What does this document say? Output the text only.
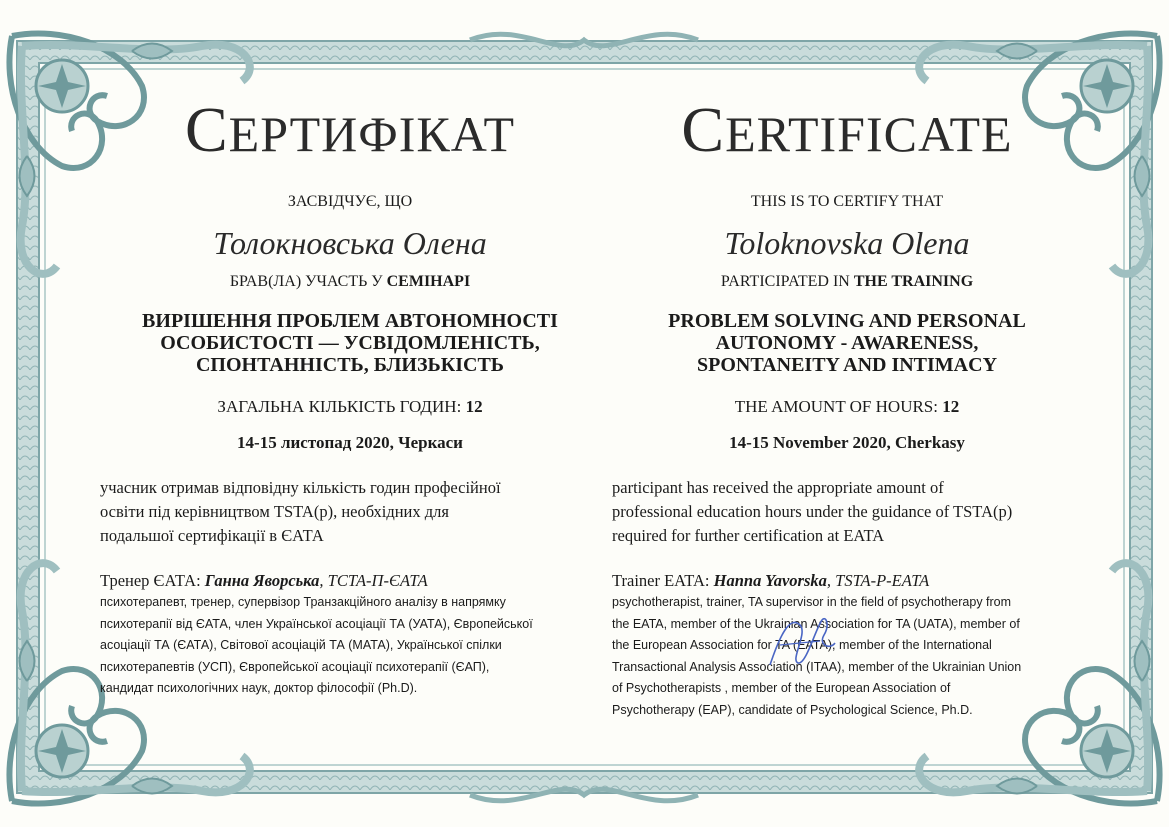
СЕРТИФІКАТ
ЗАСВІДЧУЄ, ЩО
Толокновська Олена
БРАВ(ЛА) УЧАСТЬ У СЕМІНАРІ
ВИРІШЕННЯ ПРОБЛЕМ АВТОНОМНОСТІ
ОСОБИСТОСТІ — УСВІДОМЛЕНІСТЬ,
СПОНТАННІСТЬ, БЛИЗЬКІСТЬ
ЗАГАЛЬНА КІЛЬКІСТЬ ГОДИН: 12
14-15 листопад 2020, Черкаси
учасник отримав відповідну кількість годин професійної
освіти під керівництвом TSTA(p), необхідних для
подальшої сертифікації в ЄАТА
Тренер ЄАТА: Ганна Яворська, ТСТА-П-ЄАТА
психотерапевт, тренер, супервізор Транзакційного аналізу в напрямку
психотерапії від ЄАТА, член Української асоціації ТА (УАТА), Європейської
асоціації ТА (ЄАТА), Світової асоціацій ТА (МАТА), Української спілки
психотерапевтів (УСП), Європейської асоціації психотерапії (ЄАП),
кандидат психологічних наук, доктор філософії (Ph.D).
CERTIFICATE
THIS IS TO CERTIFY THAT
Toloknovska Olena
PARTICIPATED IN THE TRAINING
PROBLEM SOLVING AND PERSONAL
AUTONOMY - AWARENESS,
SPONTANEITY AND INTIMACY
THE AMOUNT OF HOURS: 12
14-15 November 2020, Cherkasy
participant has received the appropriate amount of
professional education hours under the guidance of TSTA(p)
required for further certification at EATA
Trainer EATA: Hanna Yavorska, TSTA-P-EATA
psychotherapist, trainer, TA supervisor in the field of psychotherapy from
the EATA, member of the Ukrainian Association for TA (UATA), member of
the European Association for TA (EATA), member of the International
Transactional Analysis Association (ITAA), member of the Ukrainian Union
of Psychotherapists , member of the European Association of
Psychotherapy (EAP), candidate of Psychological Science, Ph.D.
